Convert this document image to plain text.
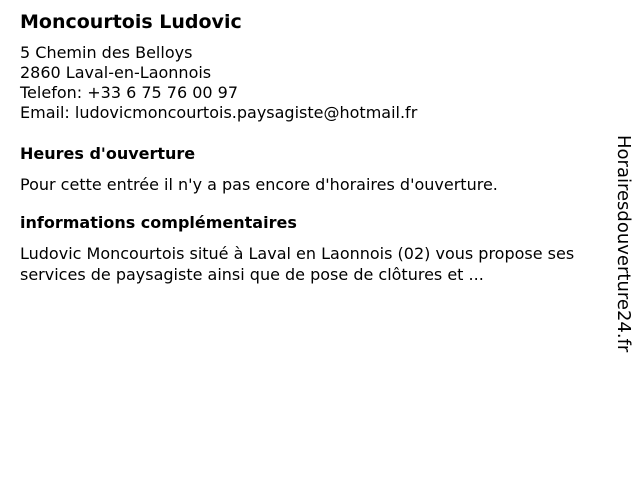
Moncourtois Ludovic
5 Chemin des Belloys
2860 Laval-en-Laonnois
Telefon: +33 6 75 76 00 97
Email: ludovicmoncourtois.paysagiste@hotmail.fr
Heures d'ouverture

Pour cette entrée il n'y a pas encore d'horaires d'ouverture.

informations complémentaires

Ludovic Moncourtois situé à Laval en Laonnois (02) vous propose ses services de paysagiste ainsi que de pose de clôtures et ...	Horairesdouverture24.fr
